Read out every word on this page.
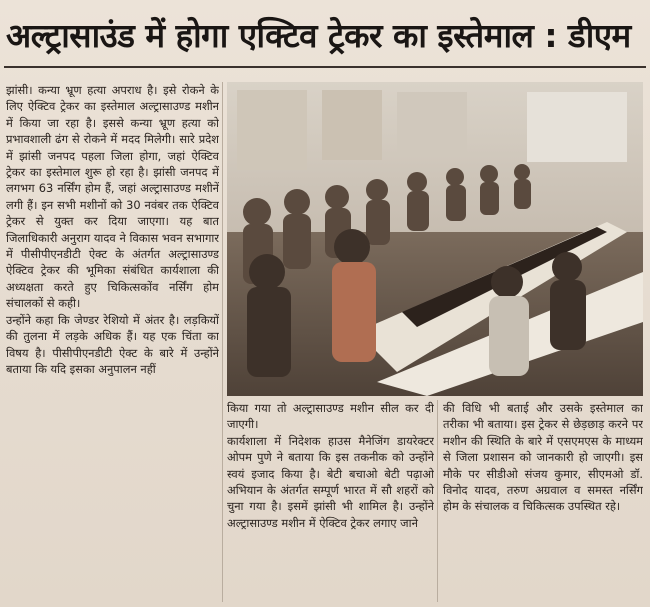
अल्ट्रासाउंड में होगा एक्टिव ट्रेकर का इस्तेमाल : डीएम

झांसी। कन्या भ्रूण हत्या अपराध है। इसे रोकने के लिए ऐक्टिव ट्रेकर का इस्तेमाल अल्ट्रासाउण्ड मशीन में किया जा रहा है। इससे कन्या भ्रूण हत्या को प्रभावशाली ढंग से रोकने में मदद मिलेगी। सारे प्रदेश में झांसी जनपद पहला जिला होगा, जहां ऐक्टिव ट्रेकर का इस्तेमाल शुरू हो रहा है। झांसी जनपद में लगभग 63 नर्सिंग होम हैं, जहां अल्ट्रासाउण्ड मशीनें लगी हैं। इन सभी मशीनों को 30 नवंबर तक ऐक्टिव ट्रेकर से युक्त कर दिया जाएगा। यह बात जिलाधिकारी अनुराग यादव ने विकास भवन सभागार में पीसीपीएनडीटी ऐक्ट के अंतर्गत अल्ट्रासाउण्ड ऐक्टिव ट्रेकर की भूमिका संबंधित कार्यशाला की अध्यक्षता करते हुए चिकित्सकोंव नर्सिंग होम संचालकों से कही।

उन्होंने कहा कि जेण्डर रेशियो में अंतर है। लड़कियों की तुलना में लड़के अधिक हैं। यह एक चिंता का विषय है। पीसीपीएनडीटी ऐक्ट के बारे में उन्होंने बताया कि यदि इसका अनुपालन नहीं

किया गया तो अल्ट्रासाउण्ड मशीन सील कर दी जाएगी।

कार्यशाला में निदेशक हाउस मैनेजिंग डायरेक्टर ओपम पुणे ने बताया कि इस तकनीक को उन्होंने स्वयं इजाद किया है। बेटी बचाओ बेटी पढ़ाओ अभियान के अंतर्गत सम्पूर्ण भारत में सौ शहरों को चुना गया है। इसमें झांसी भी शामिल है। उन्होंने अल्ट्रासाउण्ड मशीन में ऐक्टिव ट्रेकर लगाए जाने

की विधि भी बताई और उसके इस्तेमाल का तरीका भी बताया। इस ट्रेकर से छेड़छाड़ करने पर मशीन की स्थिति के बारे में एसएमएस के माध्यम से जिला प्रशासन को जानकारी हो जाएगी। इस मौके पर सीडीओ संजय कुमार, सीएमओ डॉ. विनोद यादव, तरुण अग्रवाल व समस्त नर्सिंग होम के संचालक व चिकित्सक उपस्थित रहे।
